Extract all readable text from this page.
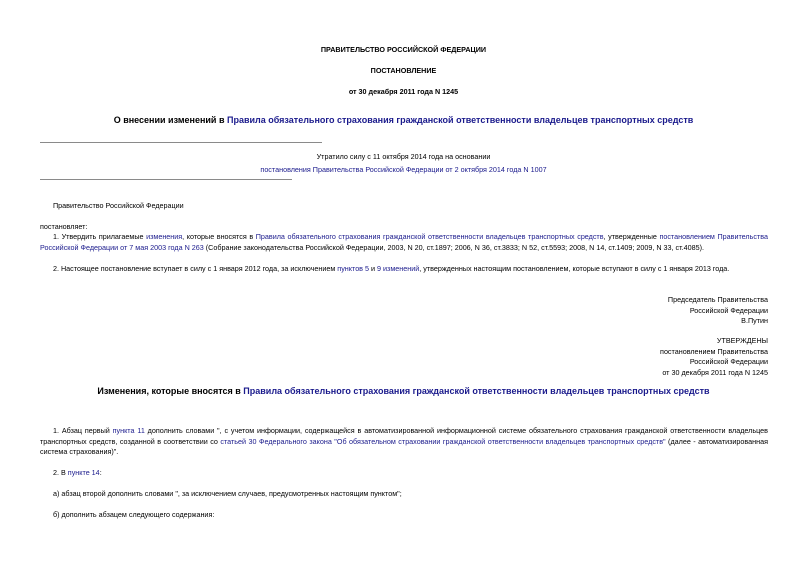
ПРАВИТЕЛЬСТВО РОССИЙСКОЙ ФЕДЕРАЦИИ
ПОСТАНОВЛЕНИЕ
от 30 декабря 2011 года N 1245
О внесении изменений в Правила обязательного страхования гражданской ответственности владельцев транспортных средств
Утратило силу с 11 октября 2014 года на основании
постановления Правительства Российской Федерации от 2 октября 2014 года N 1007
Правительство Российской Федерации
постановляет:
1. Утвердить прилагаемые изменения, которые вносятся в Правила обязательного страхования гражданской ответственности владельцев транспортных средств, утвержденные постановлением Правительства Российской Федерации от 7 мая 2003 года N 263 (Собрание законодательства Российской Федерации, 2003, N 20, ст.1897; 2006, N 36, ст.3833; N 52, ст.5593; 2008, N 14, ст.1409; 2009, N 33, ст.4085).
2. Настоящее постановление вступает в силу с 1 января 2012 года, за исключением пунктов 5 и 9 изменений, утвержденных настоящим постановлением, которые вступают в силу с 1 января 2013 года.
Председатель Правительства
Российской Федерации
В.Путин
УТВЕРЖДЕНЫ
постановлением Правительства
Российской Федерации
от 30 декабря 2011 года N 1245
Изменения, которые вносятся в Правила обязательного страхования гражданской ответственности владельцев транспортных средств
1. Абзац первый пункта 11 дополнить словами ", с учетом информации, содержащейся в автоматизированной информационной системе обязательного страхования гражданской ответственности владельцев транспортных средств, созданной в соответствии со статьей 30 Федерального закона "Об обязательном страховании гражданской ответственности владельцев транспортных средств" (далее - автоматизированная система страхования)".
2. В пункте 14:
а) абзац второй дополнить словами ", за исключением случаев, предусмотренных настоящим пунктом";
б) дополнить абзацем следующего содержания:
